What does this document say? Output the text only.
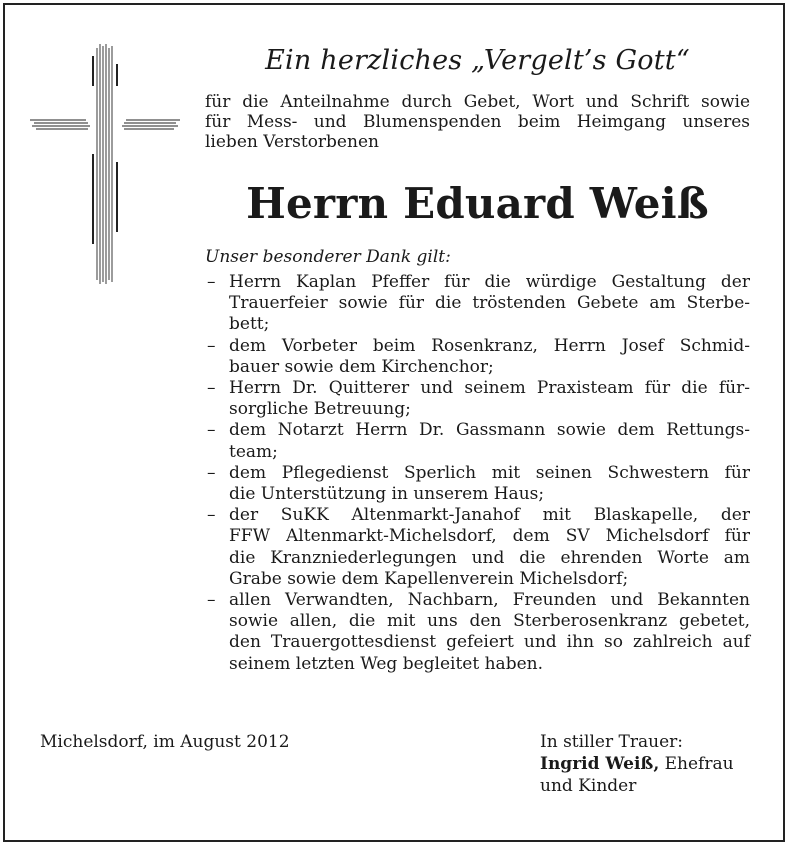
Ein herzliches „Vergelt’s Gott“
für die Anteilnahme durch Gebet, Wort und Schrift sowie
für Mess- und Blumenspenden beim Heimgang unseres
lieben Verstorbenen
Herrn Eduard Weiß
Unser besonderer Dank gilt:
– Herrn Kaplan Pfeffer für die würdige Gestaltung der
Trauerfeier sowie für die tröstenden Gebete am Sterbe-
bett;
– dem Vorbeter beim Rosenkranz, Herrn Josef Schmid-
bauer sowie dem Kirchenchor;
– Herrn Dr. Quitterer und seinem Praxisteam für die für-
sorgliche Betreuung;
– dem Notarzt Herrn Dr. Gassmann sowie dem Rettungs-
team;
– dem Pflegedienst Sperlich mit seinen Schwestern für
die Unterstützung in unserem Haus;
– der SuKK Altenmarkt-Janahof mit Blaskapelle, der
FFW Altenmarkt-Michelsdorf, dem SV Michelsdorf für
die Kranzniederlegungen und die ehrenden Worte am
Grabe sowie dem Kapellenverein Michelsdorf;
– allen Verwandten, Nachbarn, Freunden und Bekannten
sowie allen, die mit uns den Sterberosenkranz gebetet,
den Trauergottesdienst gefeiert und ihn so zahlreich auf
seinem letzten Weg begleitet haben.
Michelsdorf, im August 2012	In stiller Trauer:
Ingrid Weiß, Ehefrau
und Kinder
